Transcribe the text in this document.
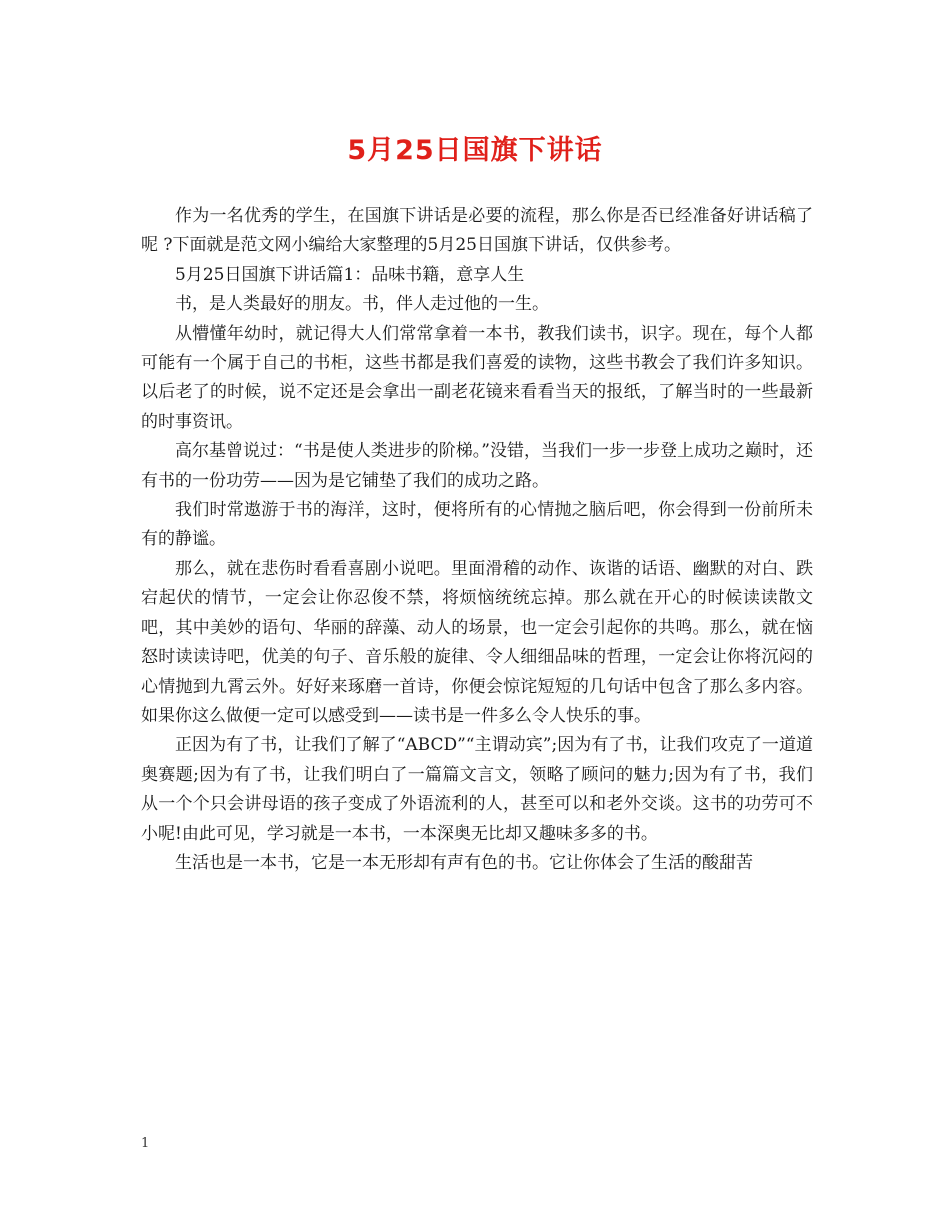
5月25日国旗下讲话

作为一名优秀的学生，在国旗下讲话是必要的流程，那么你是否已经准备好讲话稿了呢 ?下面就是范文网小编给大家整理的5月25日国旗下讲话，仅供参考。

5月25日国旗下讲话篇1：品味书籍，意享人生

书，是人类最好的朋友。书，伴人走过他的一生。

从懵懂年幼时，就记得大人们常常拿着一本书，教我们读书，识字。现在，每个人都可能有一个属于自己的书柜，这些书都是我们喜爱的读物，这些书教会了我们许多知识。以后老了的时候，说不定还是会拿出一副老花镜来看看当天的报纸，了解当时的一些最新的时事资讯。

高尔基曾说过：“书是使人类进步的阶梯。”没错，当我们一步一步登上成功之巅时，还有书的一份功劳——因为是它铺垫了我们的成功之路。

我们时常遨游于书的海洋，这时，便将所有的心情抛之脑后吧，你会得到一份前所未有的静谧。

那么，就在悲伤时看看喜剧小说吧。里面滑稽的动作、诙谐的话语、幽默的对白、跌宕起伏的情节，一定会让你忍俊不禁，将烦恼统统忘掉。那么就在开心的时候读读散文吧，其中美妙的语句、华丽的辞藻、动人的场景，也一定会引起你的共鸣。那么，就在恼怒时读读诗吧，优美的句子、音乐般的旋律、令人细细品味的哲理，一定会让你将沉闷的心情抛到九霄云外。好好来琢磨一首诗，你便会惊诧短短的几句话中包含了那么多内容。如果你这么做便一定可以感受到——读书是一件多么令人快乐的事。

正因为有了书，让我们了解了“ABCD”“主谓动宾”;因为有了书，让我们攻克了一道道奥赛题;因为有了书，让我们明白了一篇篇文言文，领略了顾问的魅力;因为有了书，我们从一个个只会讲母语的孩子变成了外语流利的人，甚至可以和老外交谈。这书的功劳可不小呢!由此可见，学习就是一本书，一本深奥无比却又趣味多多的书。

生活也是一本书，它是一本无形却有声有色的书。它让你体会了生活的酸甜苦

1
